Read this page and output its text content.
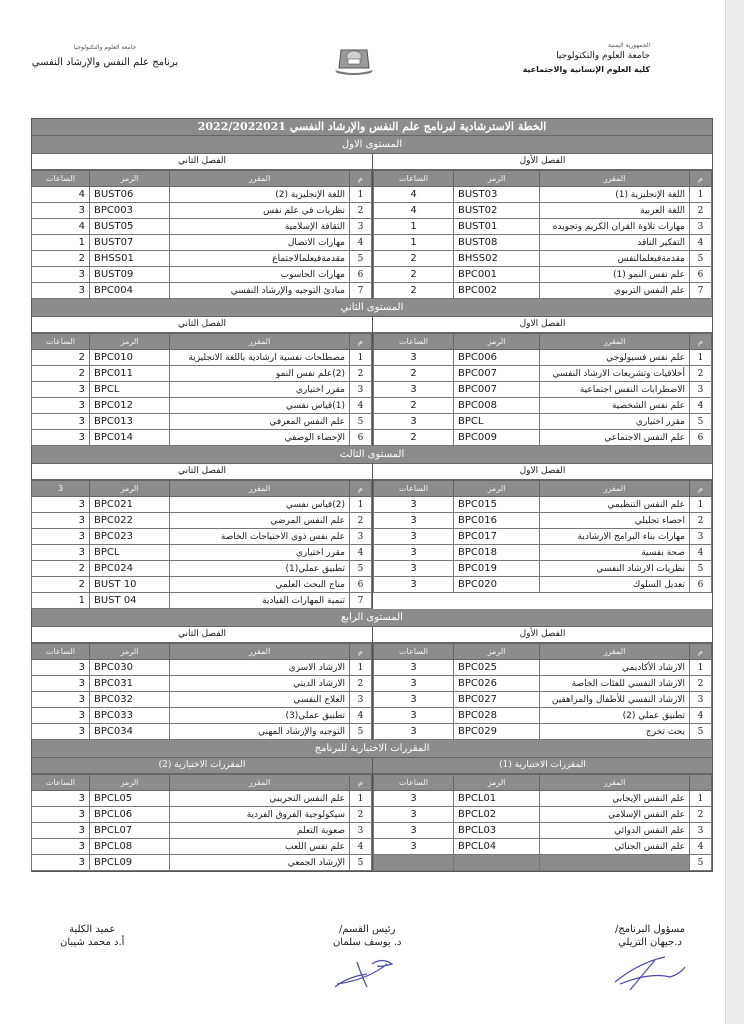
جامعة العلوم والتكنولوجيا
برنامج علم النفس والإرشاد النفسي
الجمهورية اليمنية
جامعة العلوم والتكنولوجيا
كلية العلوم الإنسانية والاجتماعية
الخطة الاسترشادية لبرنامج علم النفس والإرشاد النفسي 2022/2022021
المستوى الاول
الفصل الأول
م	المقرر	الرمز	الساعات
1	اللغة الإنجليزية (1)	BUST03	4
2	اللغة العربية	BUST02	4
3	مهارات تلاوة القران الكريم وتجويده	BUST01	1
4	التفكير الناقد	BUST08	1
5	مقدمةفيعلمالنفس	BHSS02	2
6	علم نفس النمو (1)	BPC001	2
7	علم النفس التربوي	BPC002	2
الفصل الثاني
م	المقرر	الرمز	الساعات
1	اللغة الإنجليزية (2)	BUST06	4
2	نظريات في علم نفس	BPC003	3
3	الثقافة الإسلامية	BUST05	4
4	مهارات الاتصال	BUST07	1
5	مقدمةفيعلمالاجتماع	BHSS01	2
6	مهارات الحاسوب	BUST09	3
7	مبادئ التوجيه والإرشاد النفسي	BPC004	3
المستوى الثاني
الفصل الاول
م	المقرر	الرمز	الساعات
1	علم نفس فسيولوجي	BPC006	3
2	أخلاقيات وتشريعات الارشاد النفسي	BPC007	2
3	الاضطرابات النفس اجتماعية	BPC007	3
4	علم نفس الشخصية	BPC008	2
5	مقرر اختياري	BPCL	3
6	علم النفس الاجتماعي	BPC009	2
الفصل الثاني
م	المقرر	الرمز	الساعات
1	مصطلحات نفسية ارشادية باللغة الانجليزية	BPC010	2
2	(2)علم نفس النمو	BPC011	2
3	مقرر اختياري	BPCL	3
4	(1)قياس نفسي	BPC012	3
5	علم النفس المعرفي	BPC013	3
6	الإحصاء الوصفي	BPC014	3
المستوى الثالث
الفصل الاول
م	المقرر	الرمز	الساعات
1	علم النفس التنظيمي	BPC015	3
2	احصاء تحليلي	BPC016	3
3	مهارات بناء البرامج الارشادية	BPC017	3
4	صحة نفسية	BPC018	3
5	نظريات الارشاد النفسي	BPC019	3
6	تعديل السلوك	BPC020	3
الفصل الثاني
م	المقرر	الرمز	3
1	(2)قياس نفسي	BPC021	3
2	علم النفس المرضي	BPC022	3
3	علم نفس ذوي الاحتياجات الخاصة	BPC023	3
4	مقرر اختياري	BPCL	3
5	تطبيق عملي(1)	BPC024	2
6	مناج البحث العلمي	BUST 10	2
7	تنمية المهارات القيادية	BUST 04	1
المستوى الرابع
الفصل الأول
م	المقرر	الرمز	الساعات
1	الارشاد الأكاديمي	BPC025	3
2	الارشاد النفسي للفئات الخاصة	BPC026	3
3	الارشاد النفسي للأطفال والمراهقين	BPC027	3
4	تطبيق عملي (2)	BPC028	3
5	بحث تخرج	BPC029	3
الفصل الثاني
م	المقرر	الرمز	الساعات
1	الارشاد الاسري	BPC030	3
2	الارشاد الديني	BPC031	3
3	العلاج النفسي	BPC032	3
4	تطبيق عملي(3)	BPC033	3
5	التوجيه والإرشاد المهني	BPC034	3
المقررات الاختيارية للبرنامج
المقررات الاختيارية (1)
	المقرر	الرمز	الساعات
1	علم النفس الإيجابي	BPCL01	3
2	علم النفس الإسلامي	BPCL02	3
3	علم النفس الدوائي	BPCL03	3
4	علم النفس الجنائي	BPCL04	3
5			
المقررات الاختيارية (2)
م	المقرر	الرمز	الساعات
1	علم النفس التجريبي	BPCL05	3
2	سيكولوجية الفروق الفردية	BPCL06	3
3	صعوبة التعلم	BPCL07	3
4	علم نفس اللعب	BPCL08	3
5	الإرشاد الجمعي	BPCL09	3
مسؤول البرنامج/
د.جيهان التزيلي
رئيس القسم/
د. يوسف سلمان
عميد الكلية
أ.د محمد شيبان
